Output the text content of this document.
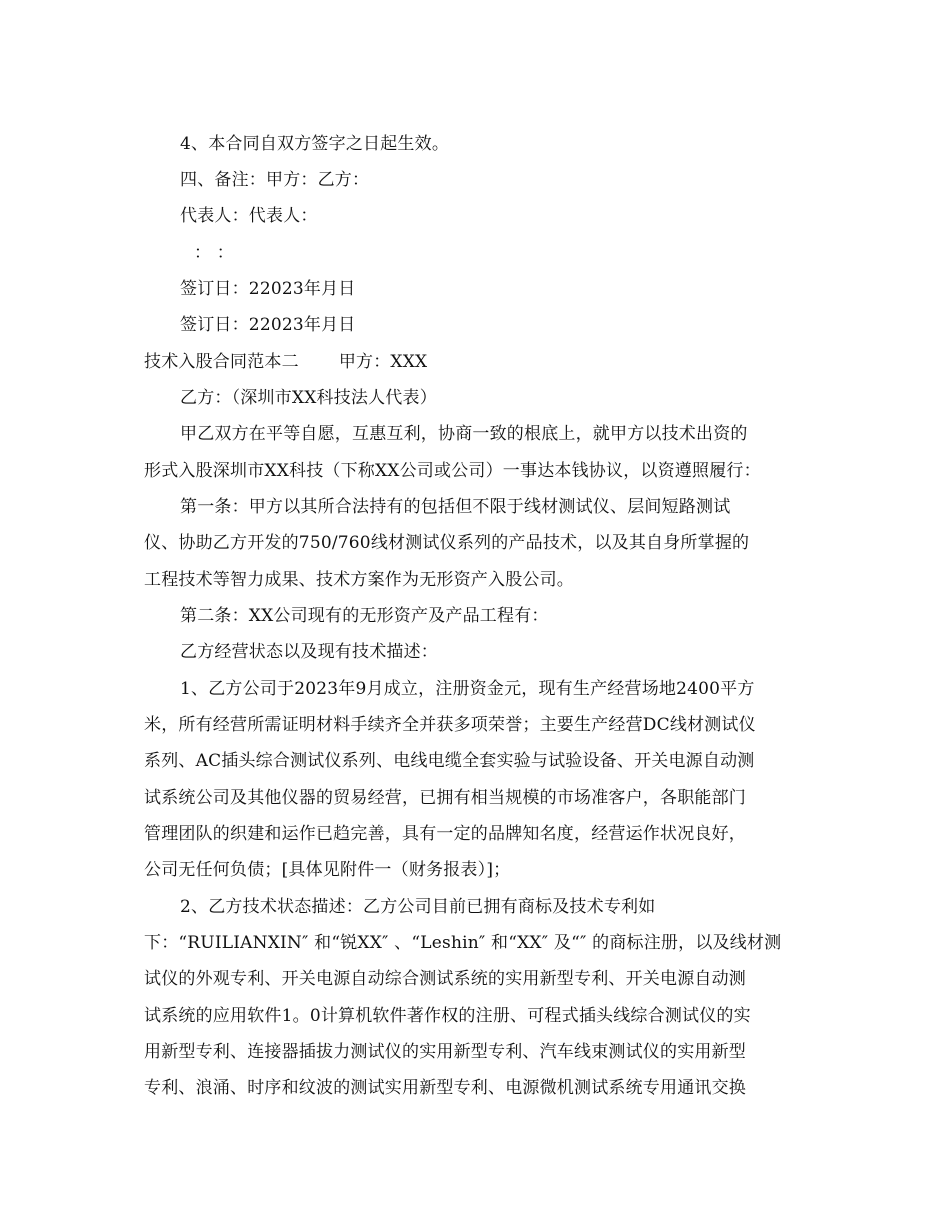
4、本合同自双方签字之日起生效。
四、备注：甲方：乙方：
代表人：代表人：
： ：
签订日：22023年月日
签订日：22023年月日
技术入股合同范本二 甲方：XXX
乙方：（深圳市XX科技法人代表）
甲乙双方在平等自愿，互惠互利，协商一致的根底上，就甲方以技术出资的
形式入股深圳市XX科技（下称XX公司或公司）一事达本钱协议，以资遵照履行：
第一条：甲方以其所合法持有的包括但不限于线材测试仪、层间短路测试
仪、协助乙方开发的750/760线材测试仪系列的产品技术，以及其自身所掌握的
工程技术等智力成果、技术方案作为无形资产入股公司。
第二条：XX公司现有的无形资产及产品工程有：
乙方经营状态以及现有技术描述：
1、乙方公司于2023年9月成立，注册资金元，现有生产经营场地2400平方
米，所有经营所需证明材料手续齐全并获多项荣誉；主要生产经营DC线材测试仪
系列、AC插头综合测试仪系列、电线电缆全套实验与试验设备、开关电源自动测
试系统公司及其他仪器的贸易经营，已拥有相当规模的市场准客户，各职能部门
管理团队的织建和运作已趋完善，具有一定的品牌知名度，经营运作状况良好，
公司无任何负债；[具体见附件一（财务报表）]；
2、乙方技术状态描述：乙方公司目前已拥有商标及技术专利如
下：“RUILIANXIN″ 和“锐XX″ 、“Leshin″ 和“XX″ 及“″ 的商标注册，以及线材测
试仪的外观专利、开关电源自动综合测试系统的实用新型专利、开关电源自动测
试系统的应用软件1。0计算机软件著作权的注册、可程式插头线综合测试仪的实
用新型专利、连接器插拔力测试仪的实用新型专利、汽车线束测试仪的实用新型
专利、浪涌、时序和纹波的测试实用新型专利、电源微机测试系统专用通讯交换
